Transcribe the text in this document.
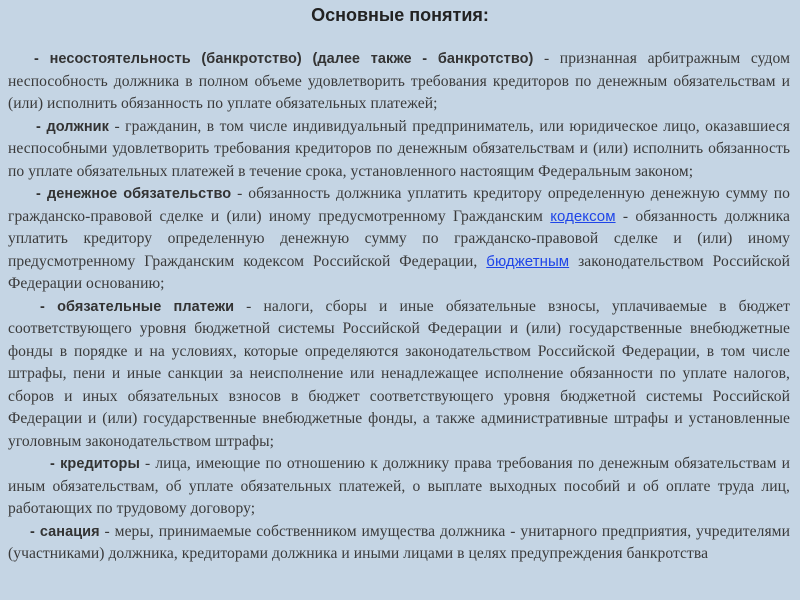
Основные понятия:

- несостоятельность (банкротство) (далее также - банкротство) - признанная арбитражным судом неспособность должника в полном объеме удовлетворить требования кредиторов по денежным обязательствам и (или) исполнить обязанность по уплате обязательных платежей;

- должник - гражданин, в том числе индивидуальный предприниматель, или юридическое лицо, оказавшиеся неспособными удовлетворить требования кредиторов по денежным обязательствам и (или) исполнить обязанность по уплате обязательных платежей в течение срока, установленного настоящим Федеральным законом;

- денежное обязательство - обязанность должника уплатить кредитору определенную денежную сумму по гражданско-правовой сделке и (или) иному предусмотренному Гражданским кодексом - обязанность должника уплатить кредитору определенную денежную сумму по гражданско-правовой сделке и (или) иному предусмотренному Гражданским кодексом Российской Федерации, бюджетным законодательством Российской Федерации основанию;

- обязательные платежи - налоги, сборы и иные обязательные взносы, уплачиваемые в бюджет соответствующего уровня бюджетной системы Российской Федерации и (или) государственные внебюджетные фонды в порядке и на условиях, которые определяются законодательством Российской Федерации, в том числе штрафы, пени и иные санкции за неисполнение или ненадлежащее исполнение обязанности по уплате налогов, сборов и иных обязательных взносов в бюджет соответствующего уровня бюджетной системы Российской Федерации и (или) государственные внебюджетные фонды, а также административные штрафы и установленные уголовным законодательством штрафы;

- кредиторы - лица, имеющие по отношению к должнику права требования по денежным обязательствам и иным обязательствам, об уплате обязательных платежей, о выплате выходных пособий и об оплате труда лиц, работающих по трудовому договору;

- санация - меры, принимаемые собственником имущества должника - унитарного предприятия, учредителями (участниками) должника, кредиторами должника и иными лицами в целях предупреждения банкротства
